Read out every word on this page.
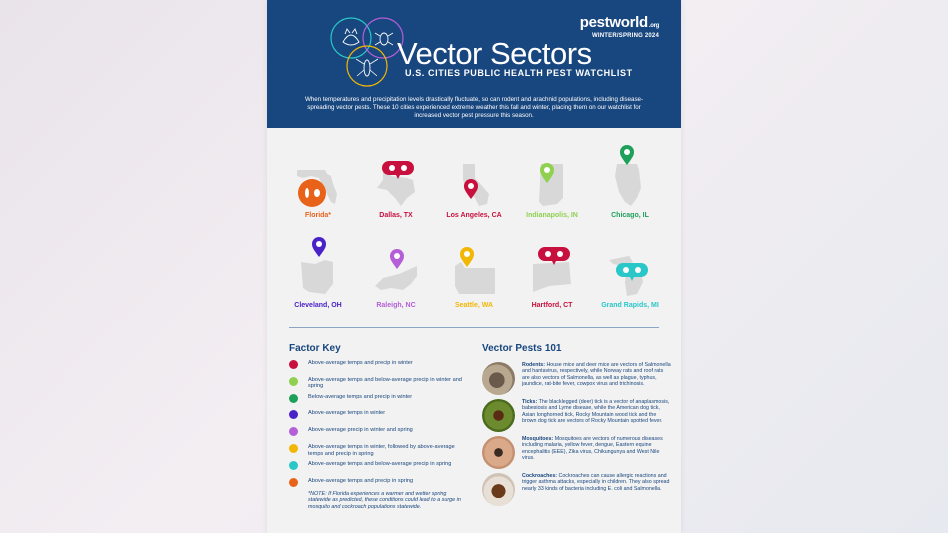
pestworld.org
WINTER/SPRING 2024
Vector Sectors
U.S. CITIES PUBLIC HEALTH PEST WATCHLIST
When temperatures and precipitation levels drastically fluctuate, so can rodent and arachnid populations, including disease-spreading vector pests. These 10 cities experienced extreme weather this fall and winter, placing them on our watchlist for increased vector pest pressure this season.
Florida*	Dallas, TX	Los Angeles, CA	Indianapolis, IN	Chicago, IL
Cleveland, OH	Raleigh, NC	Seattle, WA	Hartford, CT	Grand Rapids, MI
Factor Key	Vector Pests 101
Above-average temps and precip in winter
Above-average temps and below-average precip in winter and spring
Below-average temps and precip in winter
Above-average temps in winter
Above-average precip in winter and spring
Above-average temps in winter, followed by above-average temps and precip in spring
Above-average temps and below-average precip in spring
Above-average temps and precip in spring
*NOTE: If Florida experiences a warmer and wetter spring statewide as predicted, these conditions could lead to a surge in mosquito and cockroach populations statewide.
Rodents: House mice and deer mice are vectors of Salmonella and hantavirus, respectively, while Norway rats and roof rats are also vectors of Salmonella, as well as plague, typhus, jaundice, rat-bite fever, cowpox virus and trichinosis.
Ticks: The blacklegged (deer) tick is a vector of anaplasmosis, babesiosis and Lyme disease, while the American dog tick, Asian longhorned tick, Rocky Mountain wood tick and the brown dog tick are vectors of Rocky Mountain spotted fever.
Mosquitoes: Mosquitoes are vectors of numerous diseases including malaria, yellow fever, dengue, Eastern equine encephalitis (EEE), Zika virus, Chikungunya and West Nile virus.
Cockroaches: Cockroaches can cause allergic reactions and trigger asthma attacks, especially in children. They also spread nearly 33 kinds of bacteria including E. coli and Salmonella.
